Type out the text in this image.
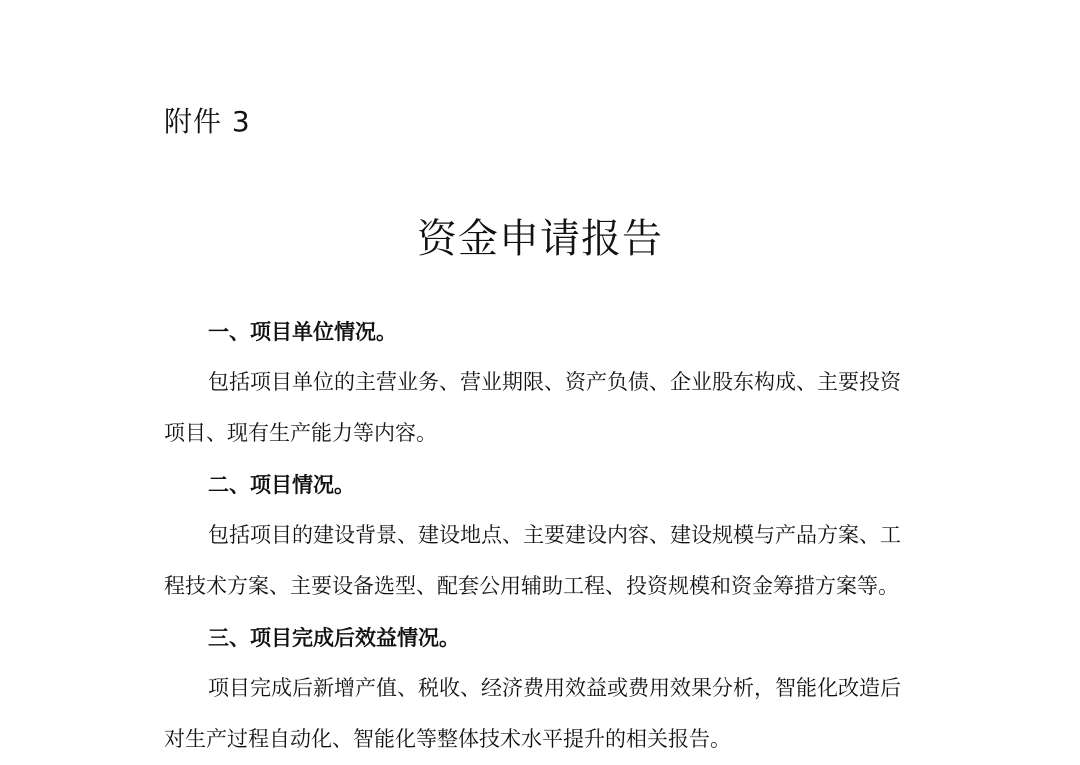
附件 3
资金申请报告

一、项目单位情况。

包括项目单位的主营业务、营业期限、资产负债、企业股东构成、主要投资
项目、现有生产能力等内容。

二、项目情况。

包括项目的建设背景、建设地点、主要建设内容、建设规模与产品方案、工
程技术方案、主要设备选型、配套公用辅助工程、投资规模和资金筹措方案等。

三、项目完成后效益情况。

项目完成后新增产值、税收、经济费用效益或费用效果分析，智能化改造后
对生产过程自动化、智能化等整体技术水平提升的相关报告。
